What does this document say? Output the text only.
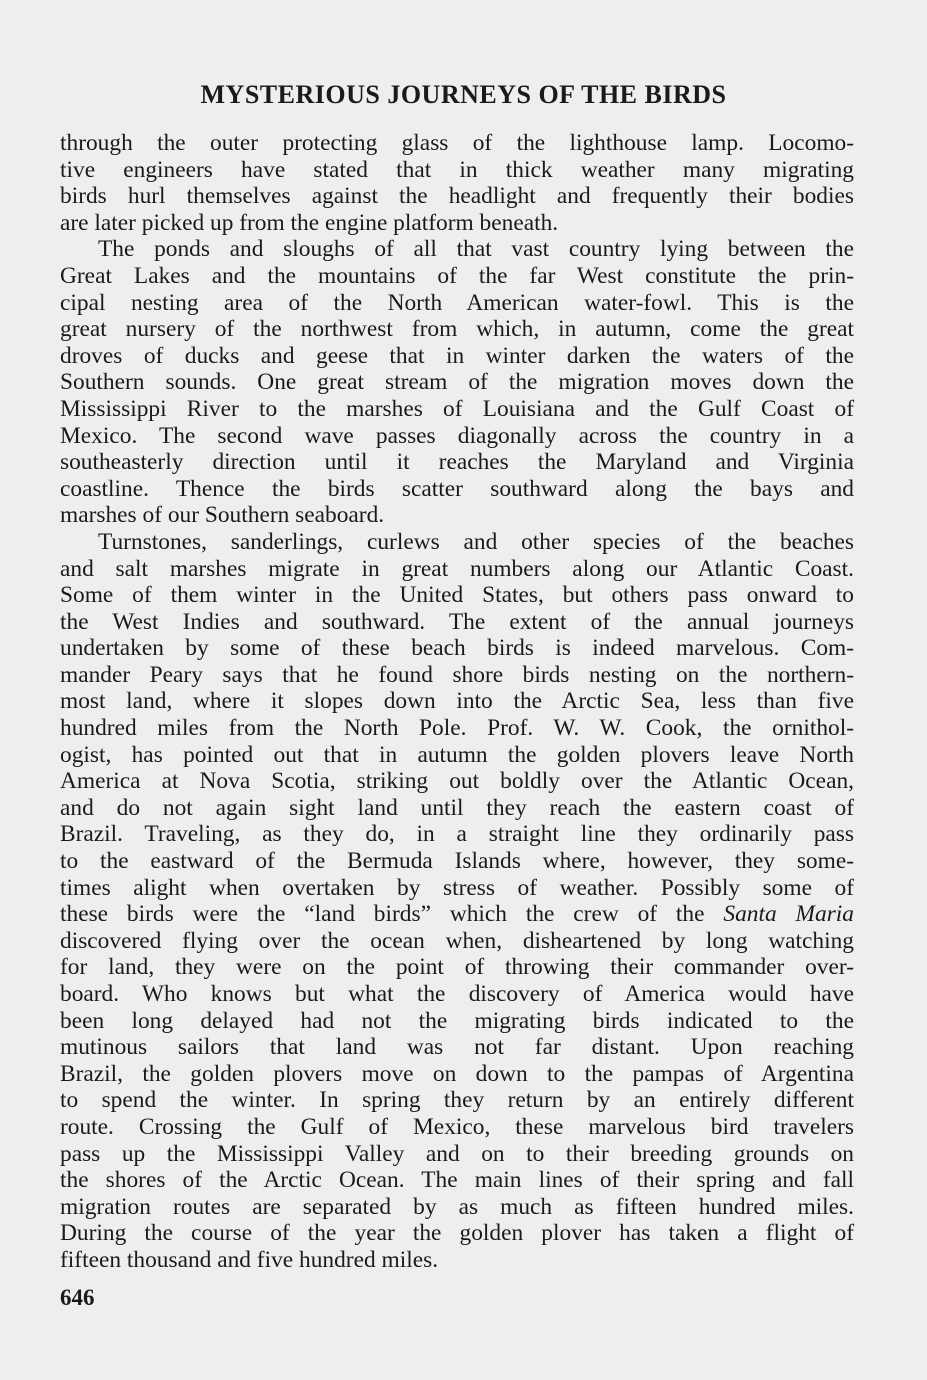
MYSTERIOUS JOURNEYS OF THE BIRDS
through the outer protecting glass of the lighthouse lamp. Locomo-
tive engineers have stated that in thick weather many migrating
birds hurl themselves against the headlight and frequently their bodies
are later picked up from the engine platform beneath.
The ponds and sloughs of all that vast country lying between the
Great Lakes and the mountains of the far West constitute the prin-
cipal nesting area of the North American water-fowl. This is the
great nursery of the northwest from which, in autumn, come the great
droves of ducks and geese that in winter darken the waters of the
Southern sounds. One great stream of the migration moves down the
Mississippi River to the marshes of Louisiana and the Gulf Coast of
Mexico. The second wave passes diagonally across the country in a
southeasterly direction until it reaches the Maryland and Virginia
coastline. Thence the birds scatter southward along the bays and
marshes of our Southern seaboard.
Turnstones, sanderlings, curlews and other species of the beaches
and salt marshes migrate in great numbers along our Atlantic Coast.
Some of them winter in the United States, but others pass onward to
the West Indies and southward. The extent of the annual journeys
undertaken by some of these beach birds is indeed marvelous. Com-
mander Peary says that he found shore birds nesting on the northern-
most land, where it slopes down into the Arctic Sea, less than five
hundred miles from the North Pole. Prof. W. W. Cook, the ornithol-
ogist, has pointed out that in autumn the golden plovers leave North
America at Nova Scotia, striking out boldly over the Atlantic Ocean,
and do not again sight land until they reach the eastern coast of
Brazil. Traveling, as they do, in a straight line they ordinarily pass
to the eastward of the Bermuda Islands where, however, they some-
times alight when overtaken by stress of weather. Possibly some of
these birds were the “land birds” which the crew of the Santa Maria
discovered flying over the ocean when, disheartened by long watching
for land, they were on the point of throwing their commander over-
board. Who knows but what the discovery of America would have
been long delayed had not the migrating birds indicated to the
mutinous sailors that land was not far distant. Upon reaching
Brazil, the golden plovers move on down to the pampas of Argentina
to spend the winter. In spring they return by an entirely different
route. Crossing the Gulf of Mexico, these marvelous bird travelers
pass up the Mississippi Valley and on to their breeding grounds on
the shores of the Arctic Ocean. The main lines of their spring and fall
migration routes are separated by as much as fifteen hundred miles.
During the course of the year the golden plover has taken a flight of
fifteen thousand and five hundred miles.
646
